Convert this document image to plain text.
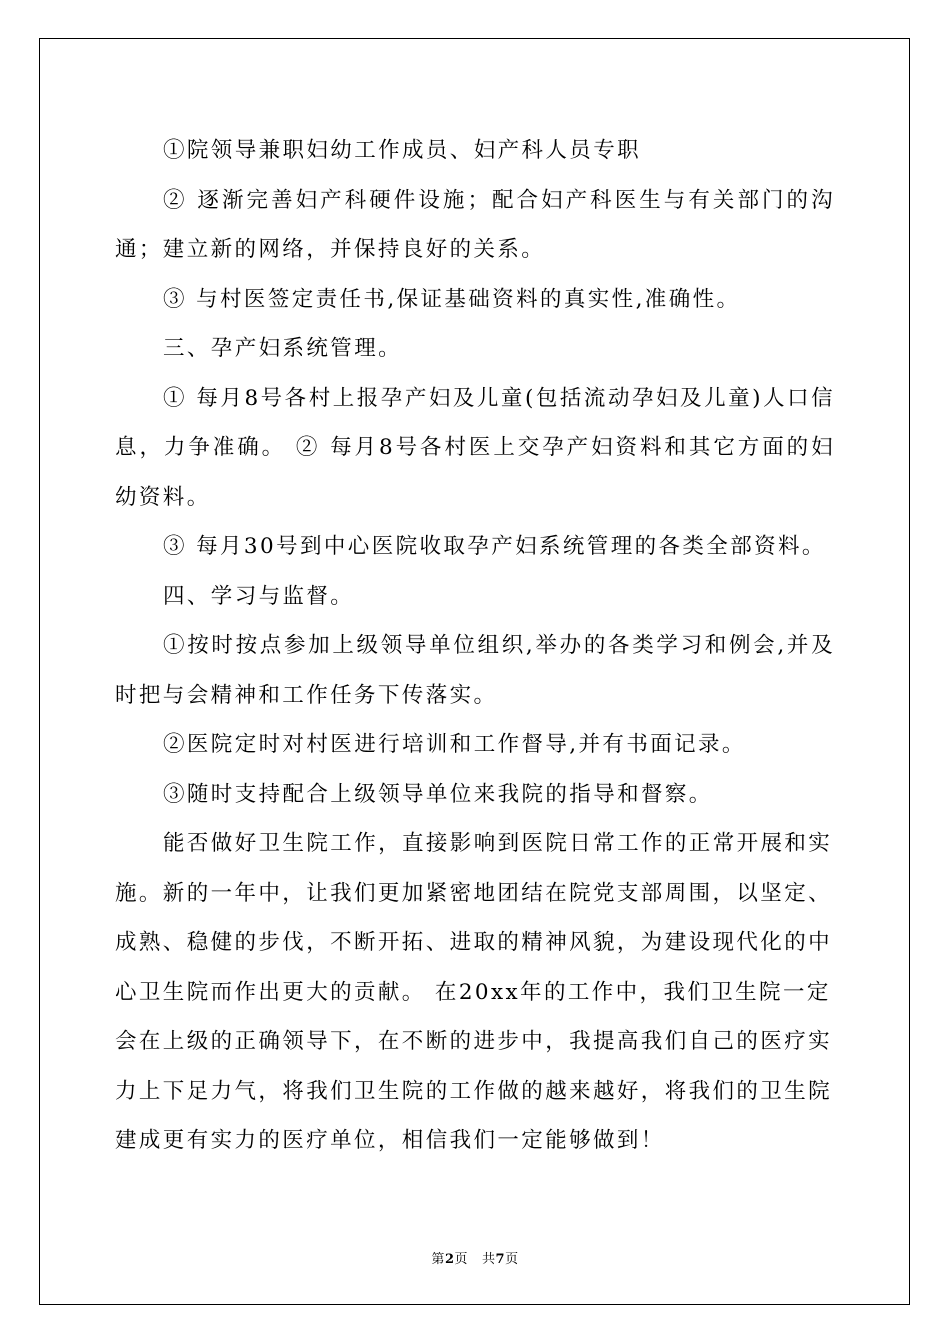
①院领导兼职妇幼工作成员、妇产科人员专职

② 逐渐完善妇产科硬件设施；配合妇产科医生与有关部门的沟通；建立新的网络，并保持良好的关系。

③ 与村医签定责任书,保证基础资料的真实性,准确性。

三、孕产妇系统管理。

① 每月8号各村上报孕产妇及儿童(包括流动孕妇及儿童)人口信息，力争准确。 ② 每月8号各村医上交孕产妇资料和其它方面的妇幼资料。

③ 每月30号到中心医院收取孕产妇系统管理的各类全部资料。

四、学习与监督。

①按时按点参加上级领导单位组织,举办的各类学习和例会,并及时把与会精神和工作任务下传落实。

②医院定时对村医进行培训和工作督导,并有书面记录。

③随时支持配合上级领导单位来我院的指导和督察。

能否做好卫生院工作，直接影响到医院日常工作的正常开展和实施。新的一年中，让我们更加紧密地团结在院党支部周围，以坚定、成熟、稳健的步伐，不断开拓、进取的精神风貌，为建设现代化的中心卫生院而作出更大的贡献。 在20xx年的工作中，我们卫生院一定会在上级的正确领导下，在不断的进步中，我提高我们自己的医疗实力上下足力气，将我们卫生院的工作做的越来越好，将我们的卫生院建成更有实力的医疗单位，相信我们一定能够做到！

第2页 共7页
